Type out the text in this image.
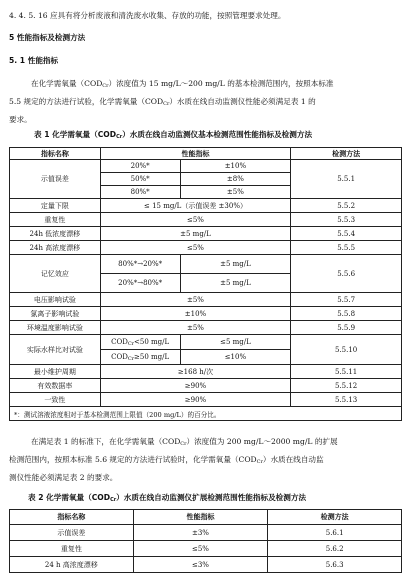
4. 4. 5. 16 应具有将分析废液和清洗废水收集、存放的功能，按照管理要求处理。
5 性能指标及检测方法
5. 1 性能指标
在化学需氧量$(COD_{Cr})$浓度值为 15 mg/L～200 mg/L 的基本检测范围内，按照本标准
5.5 规定的方法进行试验，化学需氧量$(COD_{Cr})$水质在线自动监测仪性能必须满足表 1 的
要求。
表 1 化学需氧量$(COD_{Cr})$水质在线自动监测仪基本检测范围性能指标及检测方法
指标名称	性能指标		检测方法
示值误差	20%*	±10%	5.5.1
	50%*	±8%	
	80%*	±5%	
定量下限	≤ 15 mg/L（示值误差 ±30%）		5.5.2
重复性	≤5%		5.5.3
24h 低浓度漂移	±5 mg/L		5.5.4
24h 高浓度漂移	≤5%		5.5.5
记忆效应	80%*→20%*	±5 mg/L	5.5.6
	20%*→80%*	±5 mg/L	
电压影响试验	±5%		5.5.7
氯离子影响试验	±10%		5.5.8
环境温度影响试验	±5%		5.5.9
实际水样比对试验	$COD_{Cr}<50$ mg/L	≤5 mg/L	5.5.10
	$COD_{Cr}\ge 50$ mg/L	≤10%	
最小维护周期	≥168 h/次		5.5.11
有效数据率	≥90%		5.5.12
一致性	≥90%		5.5.13
*：测试溶液浓度相对于基本检测范围上限值（200 mg/L）的百分比。			
在满足表 1 的标准下，在化学需氧量$(COD_{Cr})$浓度值为 200 mg/L～2000 mg/L 的扩展
检测范围内，按照本标准 5.6 规定的方法进行试验时，化学需氧量$(COD_{Cr})$水质在线自动监
测仪性能必须满足表 2 的要求。
表 2 化学需氧量$(COD_{Cr})$水质在线自动监测仪扩展检测范围性能指标及检测方法
指标名称	性能指标	检测方法
示值误差	±3%	5.6.1
重复性	≤5%	5.6.2
24 h 高浓度漂移	≤3%	5.6.3
